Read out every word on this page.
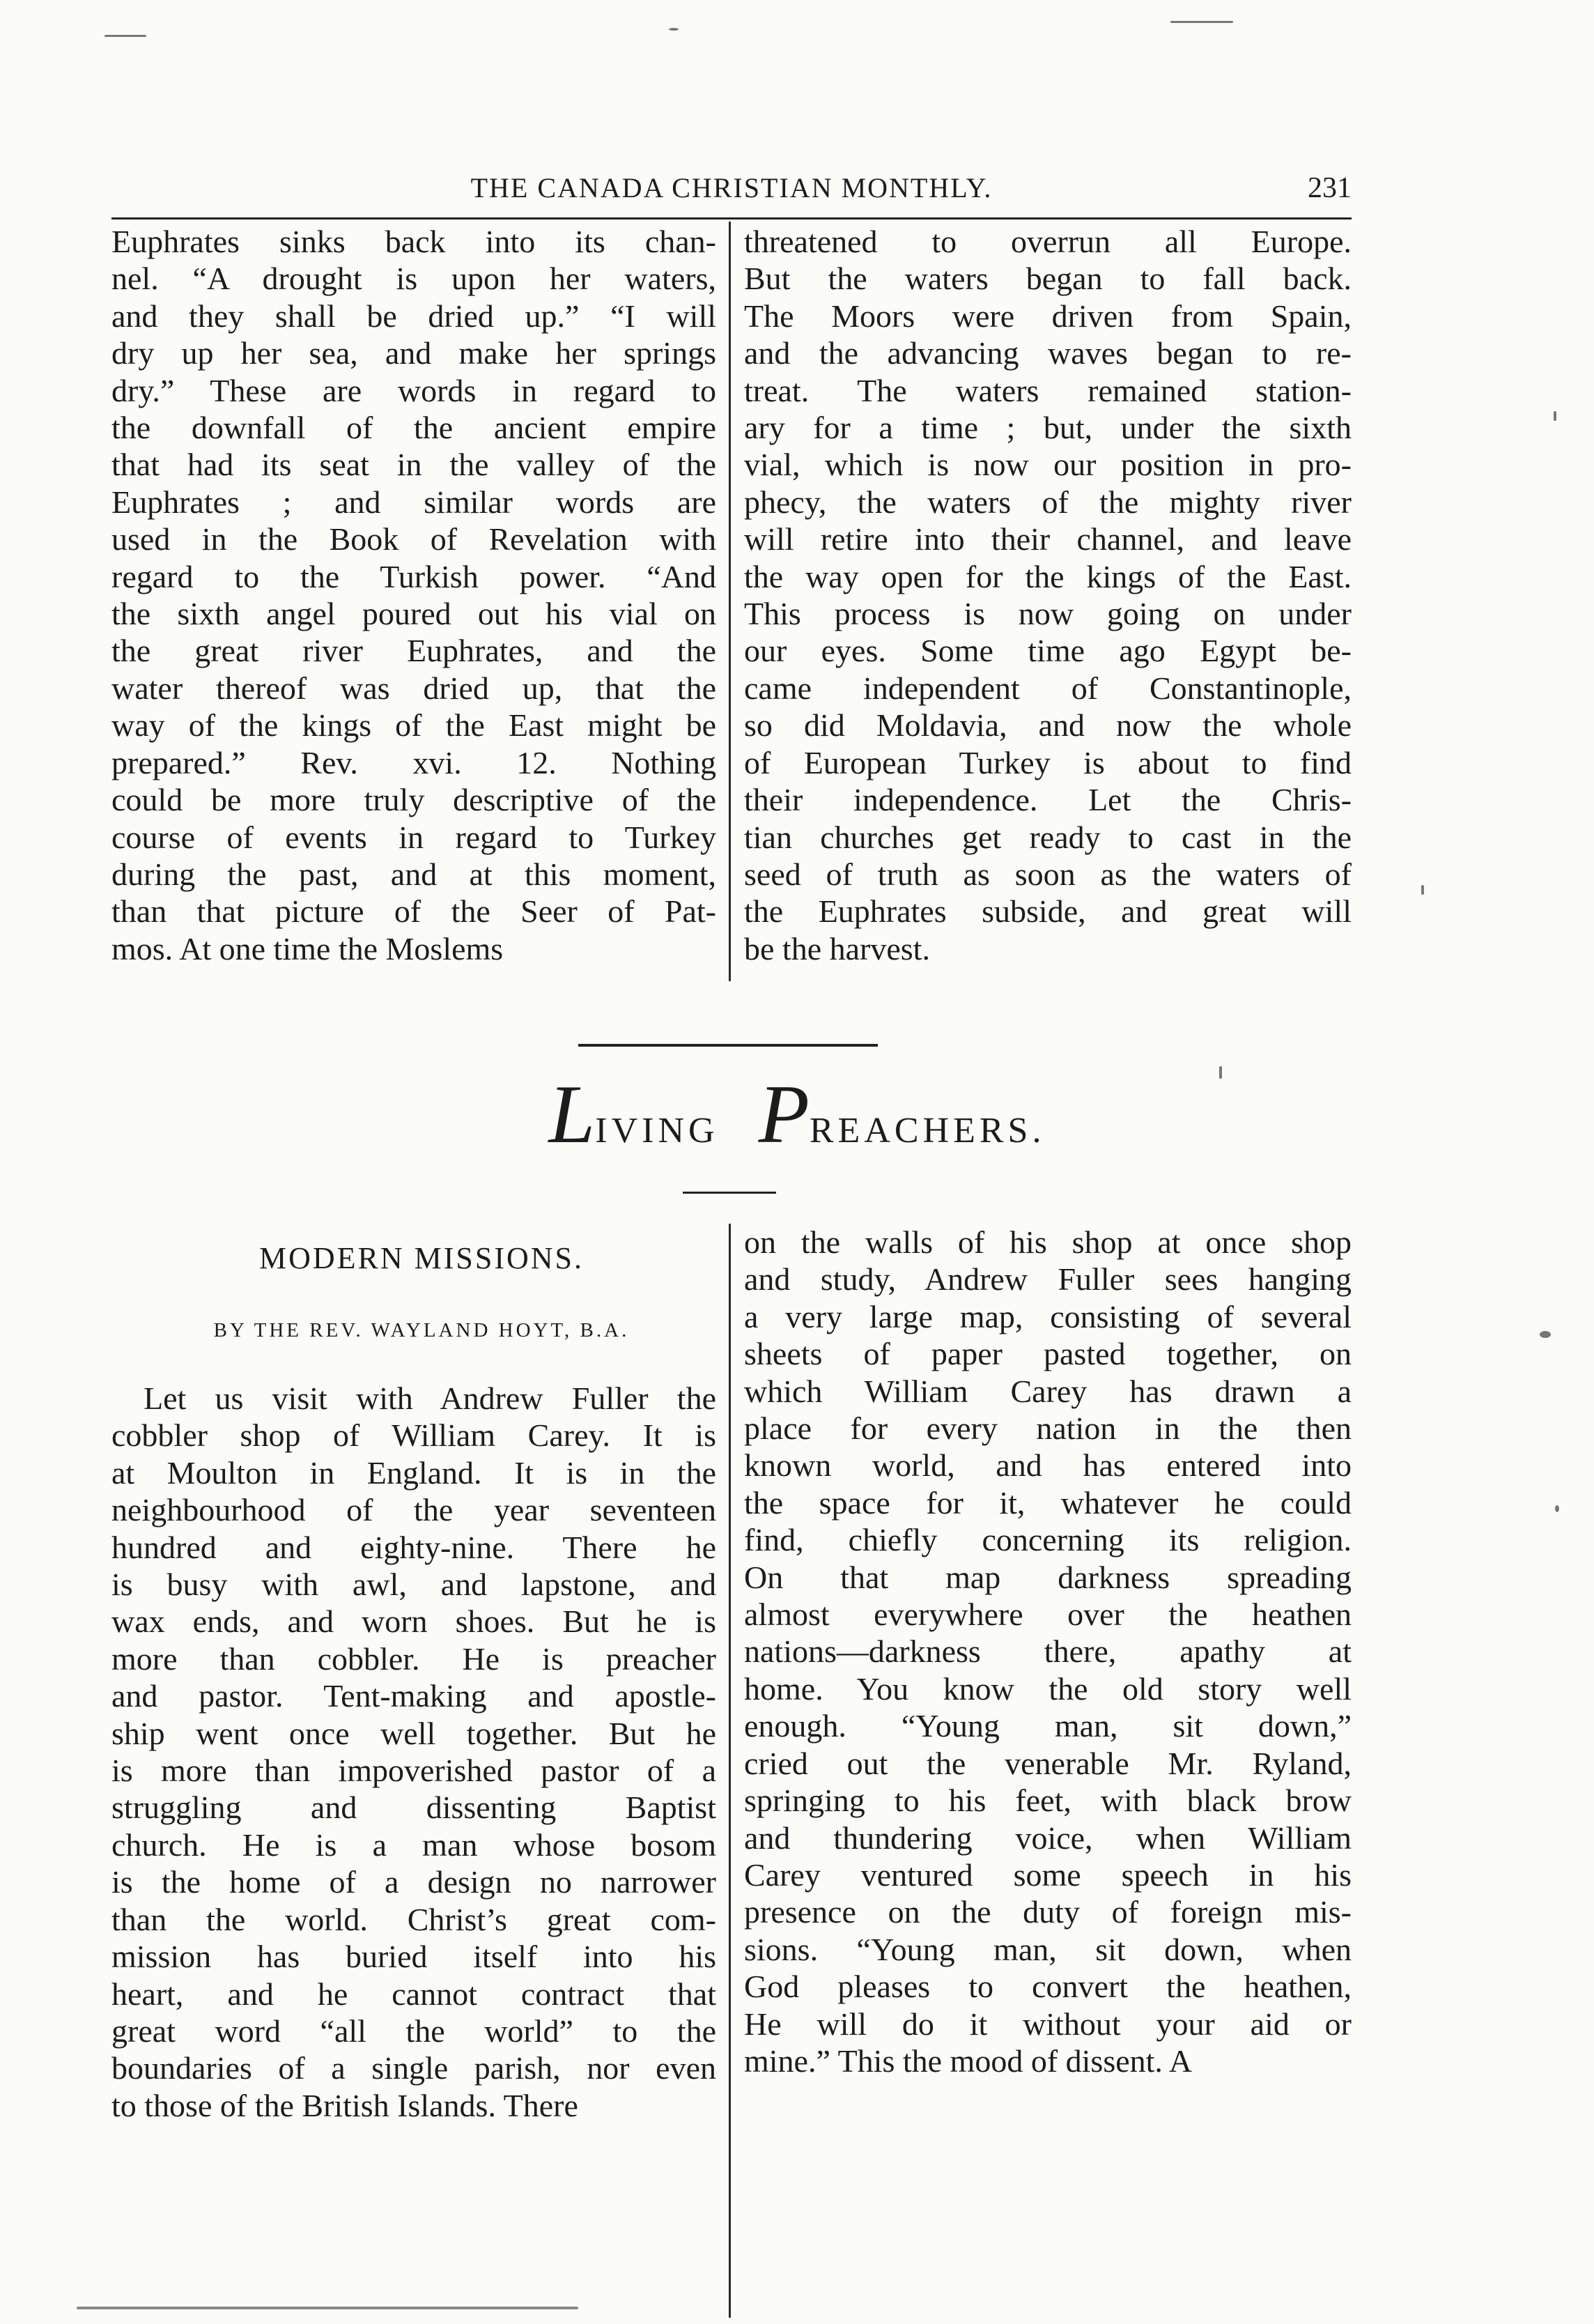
THE CANADA CHRISTIAN MONTHLY.	231

Euphrates sinks back into its chan-

nel. “A drought is upon her waters,

and they shall be dried up.” “I will

dry up her sea, and make her springs

dry.” These are words in regard to

the downfall of the ancient empire

that had its seat in the valley of the

Euphrates ; and similar words are

used in the Book of Revelation with

regard to the Turkish power. “And

the sixth angel poured out his vial on

the great river Euphrates, and the

water thereof was dried up, that the

way of the kings of the East might be

prepared.” Rev. xvi. 12. Nothing

could be more truly descriptive of the

course of events in regard to Turkey

during the past, and at this moment,

than that picture of the Seer of Pat-

mos. At one time the Moslems

threatened to overrun all Europe.

But the waters began to fall back.

The Moors were driven from Spain,

and the advancing waves began to re-

treat. The waters remained station-

ary for a time ; but, under the sixth

vial, which is now our position in pro-

phecy, the waters of the mighty river

will retire into their channel, and leave

the way open for the kings of the East.

This process is now going on under

our eyes. Some time ago Egypt be-

came independent of Constantinople,

so did Moldavia, and now the whole

of European Turkey is about to find

their independence. Let the Chris-

tian churches get ready to cast in the

seed of truth as soon as the waters of

the Euphrates subside, and great will

be the harvest.

LIVING PREACHERS.
MODERN MISSIONS.
BY THE REV. WAYLAND HOYT, B.A.

Let us visit with Andrew Fuller the

cobbler shop of William Carey. It is

at Moulton in England. It is in the

neighbourhood of the year seventeen

hundred and eighty-nine. There he

is busy with awl, and lapstone, and

wax ends, and worn shoes. But he is

more than cobbler. He is preacher

and pastor. Tent-making and apostle-

ship went once well together. But he

is more than impoverished pastor of a

struggling and dissenting Baptist

church. He is a man whose bosom

is the home of a design no narrower

than the world. Christ’s great com-

mission has buried itself into his

heart, and he cannot contract that

great word “all the world” to the

boundaries of a single parish, nor even

to those of the British Islands. There

on the walls of his shop at once shop

and study, Andrew Fuller sees hanging

a very large map, consisting of several

sheets of paper pasted together, on

which William Carey has drawn a

place for every nation in the then

known world, and has entered into

the space for it, whatever he could

find, chiefly concerning its religion.

On that map darkness spreading

almost everywhere over the heathen

nations—darkness there, apathy at

home. You know the old story well

enough. “Young man, sit down,”

cried out the venerable Mr. Ryland,

springing to his feet, with black brow

and thundering voice, when William

Carey ventured some speech in his

presence on the duty of foreign mis-

sions. “Young man, sit down, when

God pleases to convert the heathen,

He will do it without your aid or

mine.” This the mood of dissent. A
